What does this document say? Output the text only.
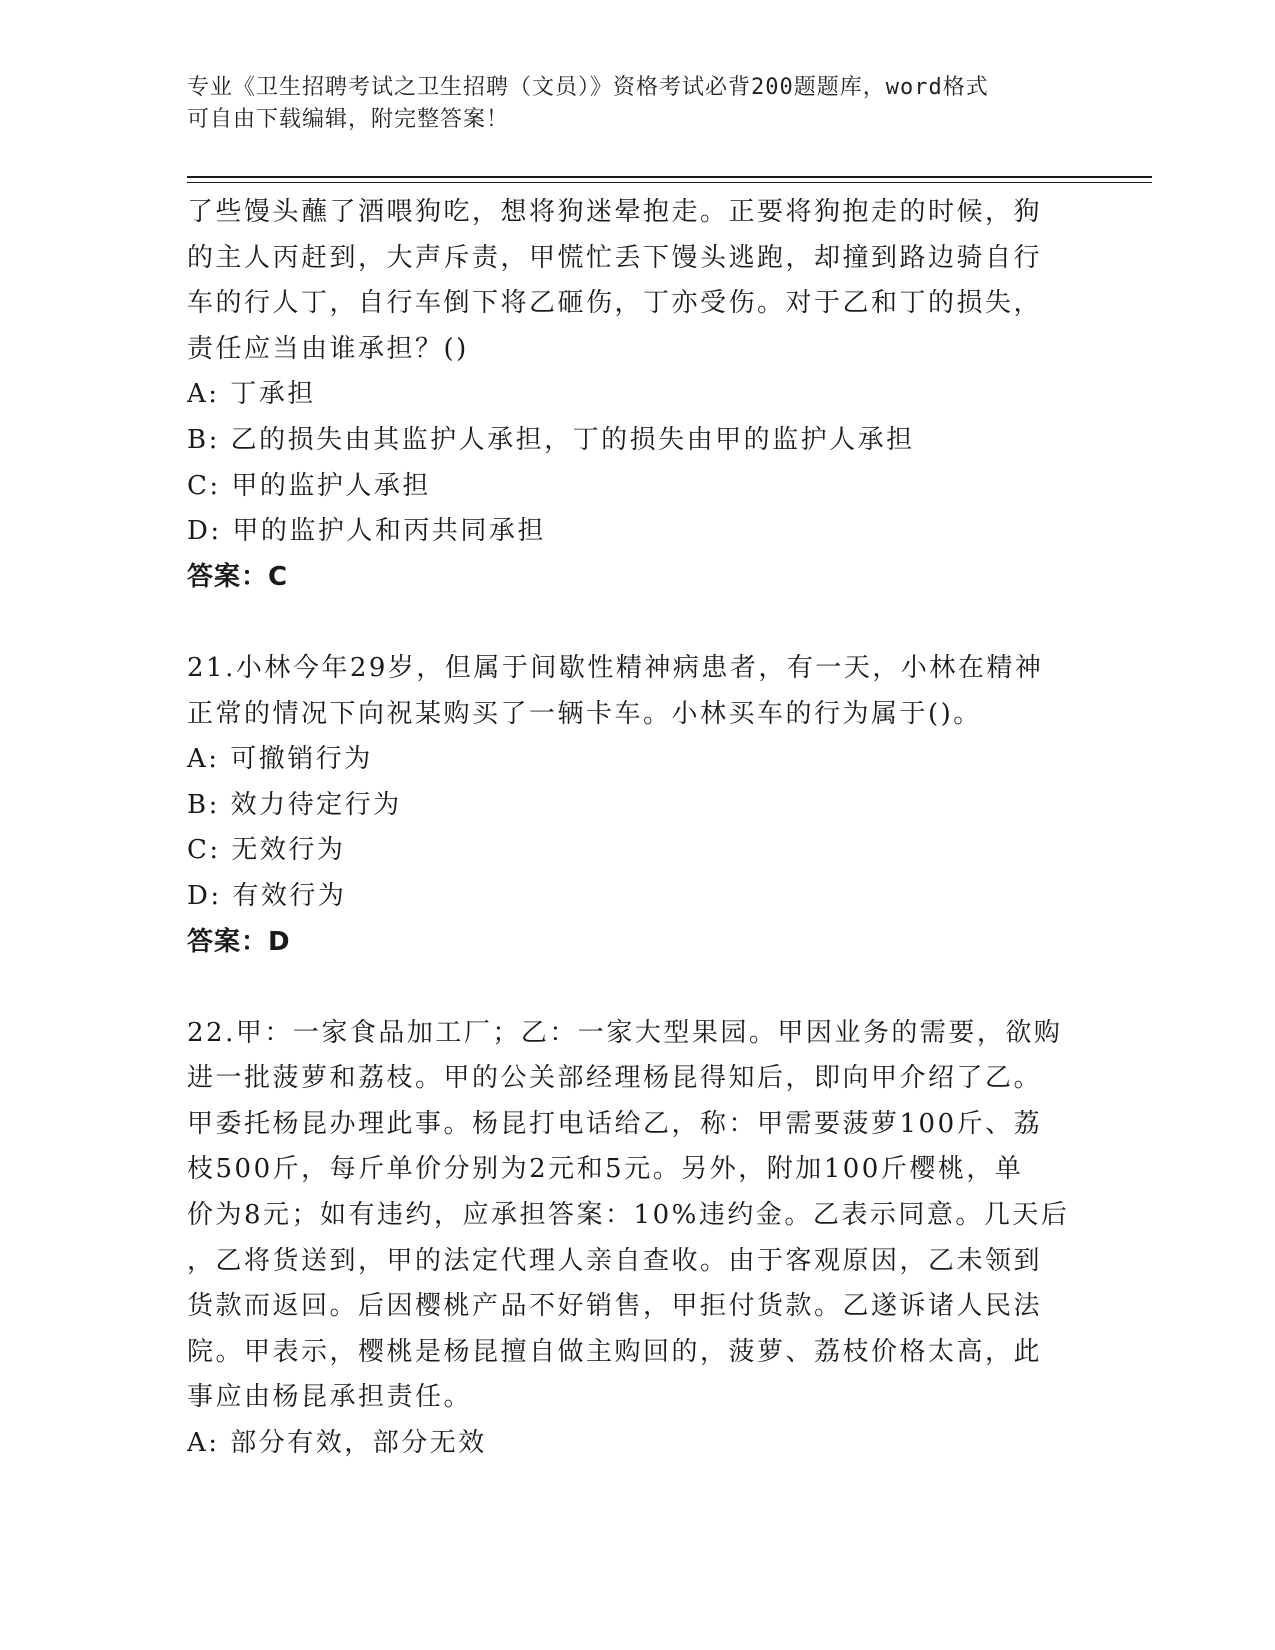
专业《卫生招聘考试之卫生招聘（文员）》资格考试必背200题题库，word格式
可自由下载编辑，附完整答案！
了些馒头蘸了酒喂狗吃，想将狗迷晕抱走。正要将狗抱走的时候，狗
的主人丙赶到，大声斥责，甲慌忙丢下馒头逃跑，却撞到路边骑自行
车的行人丁，自行车倒下将乙砸伤，丁亦受伤。对于乙和丁的损失，
责任应当由谁承担？()
A: 丁承担
B: 乙的损失由其监护人承担，丁的损失由甲的监护人承担
C: 甲的监护人承担
D: 甲的监护人和丙共同承担
答案：C
21.小林今年29岁，但属于间歇性精神病患者，有一天，小林在精神
正常的情况下向祝某购买了一辆卡车。小林买车的行为属于()。
A: 可撤销行为
B: 效力待定行为
C: 无效行为
D: 有效行为
答案：D
22.甲：一家食品加工厂；乙：一家大型果园。甲因业务的需要，欲购
进一批菠萝和荔枝。甲的公关部经理杨昆得知后，即向甲介绍了乙。
甲委托杨昆办理此事。杨昆打电话给乙，称：甲需要菠萝100斤、荔
枝500斤，每斤单价分别为2元和5元。另外，附加100斤樱桃，单
价为8元；如有违约，应承担答案：10%违约金。乙表示同意。几天后
，乙将货送到，甲的法定代理人亲自查收。由于客观原因，乙未领到
货款而返回。后因樱桃产品不好销售，甲拒付货款。乙遂诉诸人民法
院。甲表示，樱桃是杨昆擅自做主购回的，菠萝、荔枝价格太高，此
事应由杨昆承担责任。
A: 部分有效，部分无效
